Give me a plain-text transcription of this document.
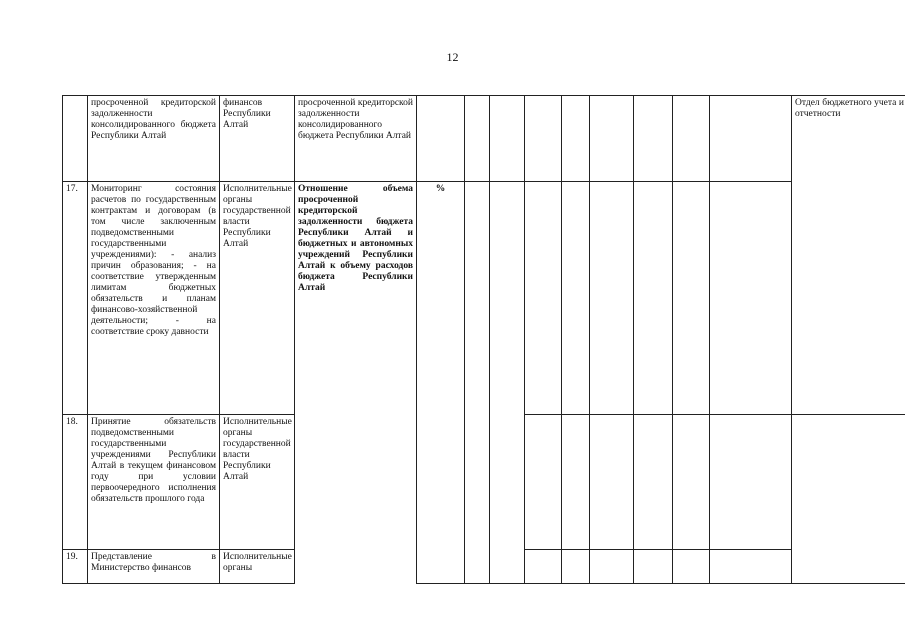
12
	просроченной кредиторской задолженности консолидированного бюджета Республики Алтай	финансов Республики Алтай	просроченной кредиторской задолженности консолидированного бюджета Республики Алтай										Отдел бюджетного учета и отчетности
17.	Мониторинг состояния расчетов по государственным контрактам и договорам (в том числе заключенным подведомственными государственными учреждениями): - анализ причин образования; - на соответствие утвержденным лимитам бюджетных обязательств и планам финансово-хозяйственной деятельности; - на соответствие сроку давности	Исполнительные органы государственной власти Республики Алтай	Отношение объема просроченной кредиторской задолженности бюджета Республики Алтай и бюджетных и автономных учреждений Республики Алтай к объему расходов бюджета Республики Алтай	%									
18.	Принятие обязательств подведомственными государственными учреждениями Республики Алтай в текущем финансовом году при условии первоочередного исполнения обязательств прошлого года	Исполнительные органы государственной власти Республики Алтай											
19.	Представление в Министерство финансов	Исполнительные органы											
